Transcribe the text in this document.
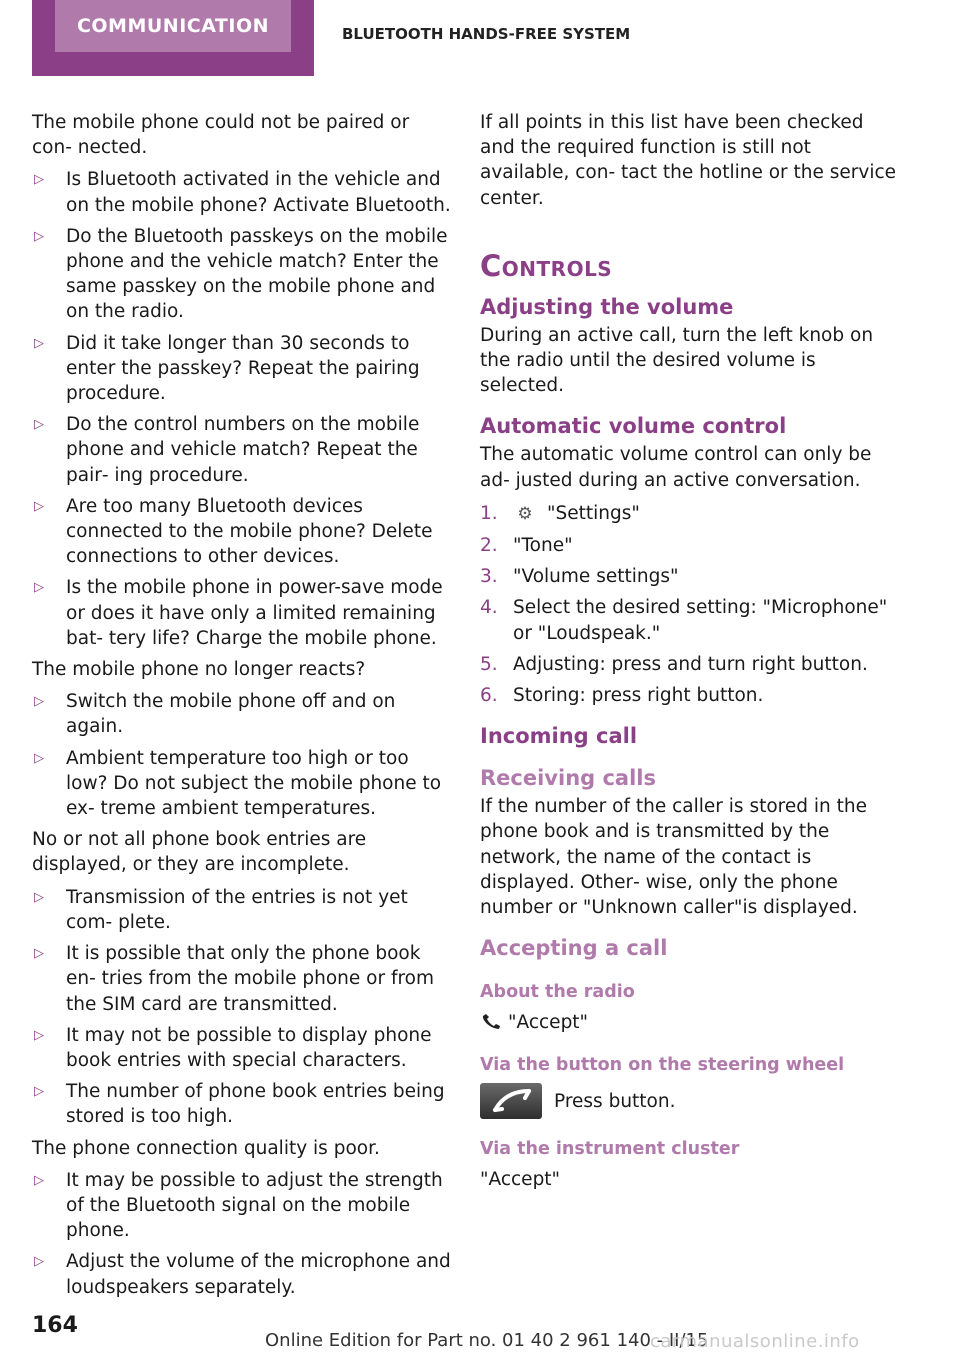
COMMUNICATION	BLUETOOTH HANDS-FREE SYSTEM

The mobile phone could not be paired or con‐ nected.

▷ Is Bluetooth activated in the vehicle and on the mobile phone? Activate Bluetooth.
▷ Do the Bluetooth passkeys on the mobile phone and the vehicle match? Enter the same passkey on the mobile phone and on the radio.
▷ Did it take longer than 30 seconds to enter the passkey? Repeat the pairing procedure.
▷ Do the control numbers on the mobile phone and vehicle match? Repeat the pair‐ ing procedure.
▷ Are too many Bluetooth devices connected to the mobile phone? Delete connections to other devices.
▷ Is the mobile phone in power-save mode or does it have only a limited remaining bat‐ tery life? Charge the mobile phone.

The mobile phone no longer reacts?

▷ Switch the mobile phone off and on again.
▷ Ambient temperature too high or too low? Do not subject the mobile phone to ex‐ treme ambient temperatures.

No or not all phone book entries are displayed, or they are incomplete.

▷ Transmission of the entries is not yet com‐ plete.
▷ It is possible that only the phone book en‐ tries from the mobile phone or from the SIM card are transmitted.
▷ It may not be possible to display phone book entries with special characters.
▷ The number of phone book entries being stored is too high.

The phone connection quality is poor.

▷ It may be possible to adjust the strength of the Bluetooth signal on the mobile phone.
▷ Adjust the volume of the microphone and loudspeakers separately.

If all points in this list have been checked and the required function is still not available, con‐ tact the hotline or the service center.

Controls
Adjusting the volume

During an active call, turn the left knob on the radio until the desired volume is selected.

Automatic volume control

The automatic volume control can only be ad‐ justed during an active conversation.

1. ⚙ "Settings"
2. "Tone"
3. "Volume settings"
4. Select the desired setting: "Microphone" or "Loudspeak."
5. Adjusting: press and turn right button.
6. Storing: press right button.
Incoming call
Receiving calls

If the number of the caller is stored in the phone book and is transmitted by the network, the name of the contact is displayed. Other‐ wise, only the phone number or "Unknown caller"is displayed.

Accepting a call
About the radio

"Accept"

Via the button on the steering wheel
Press button.
Via the instrument cluster

"Accept"

164
Online Edition for Part no. 01 40 2 961 140 - II/15
carmanualsonline.info
